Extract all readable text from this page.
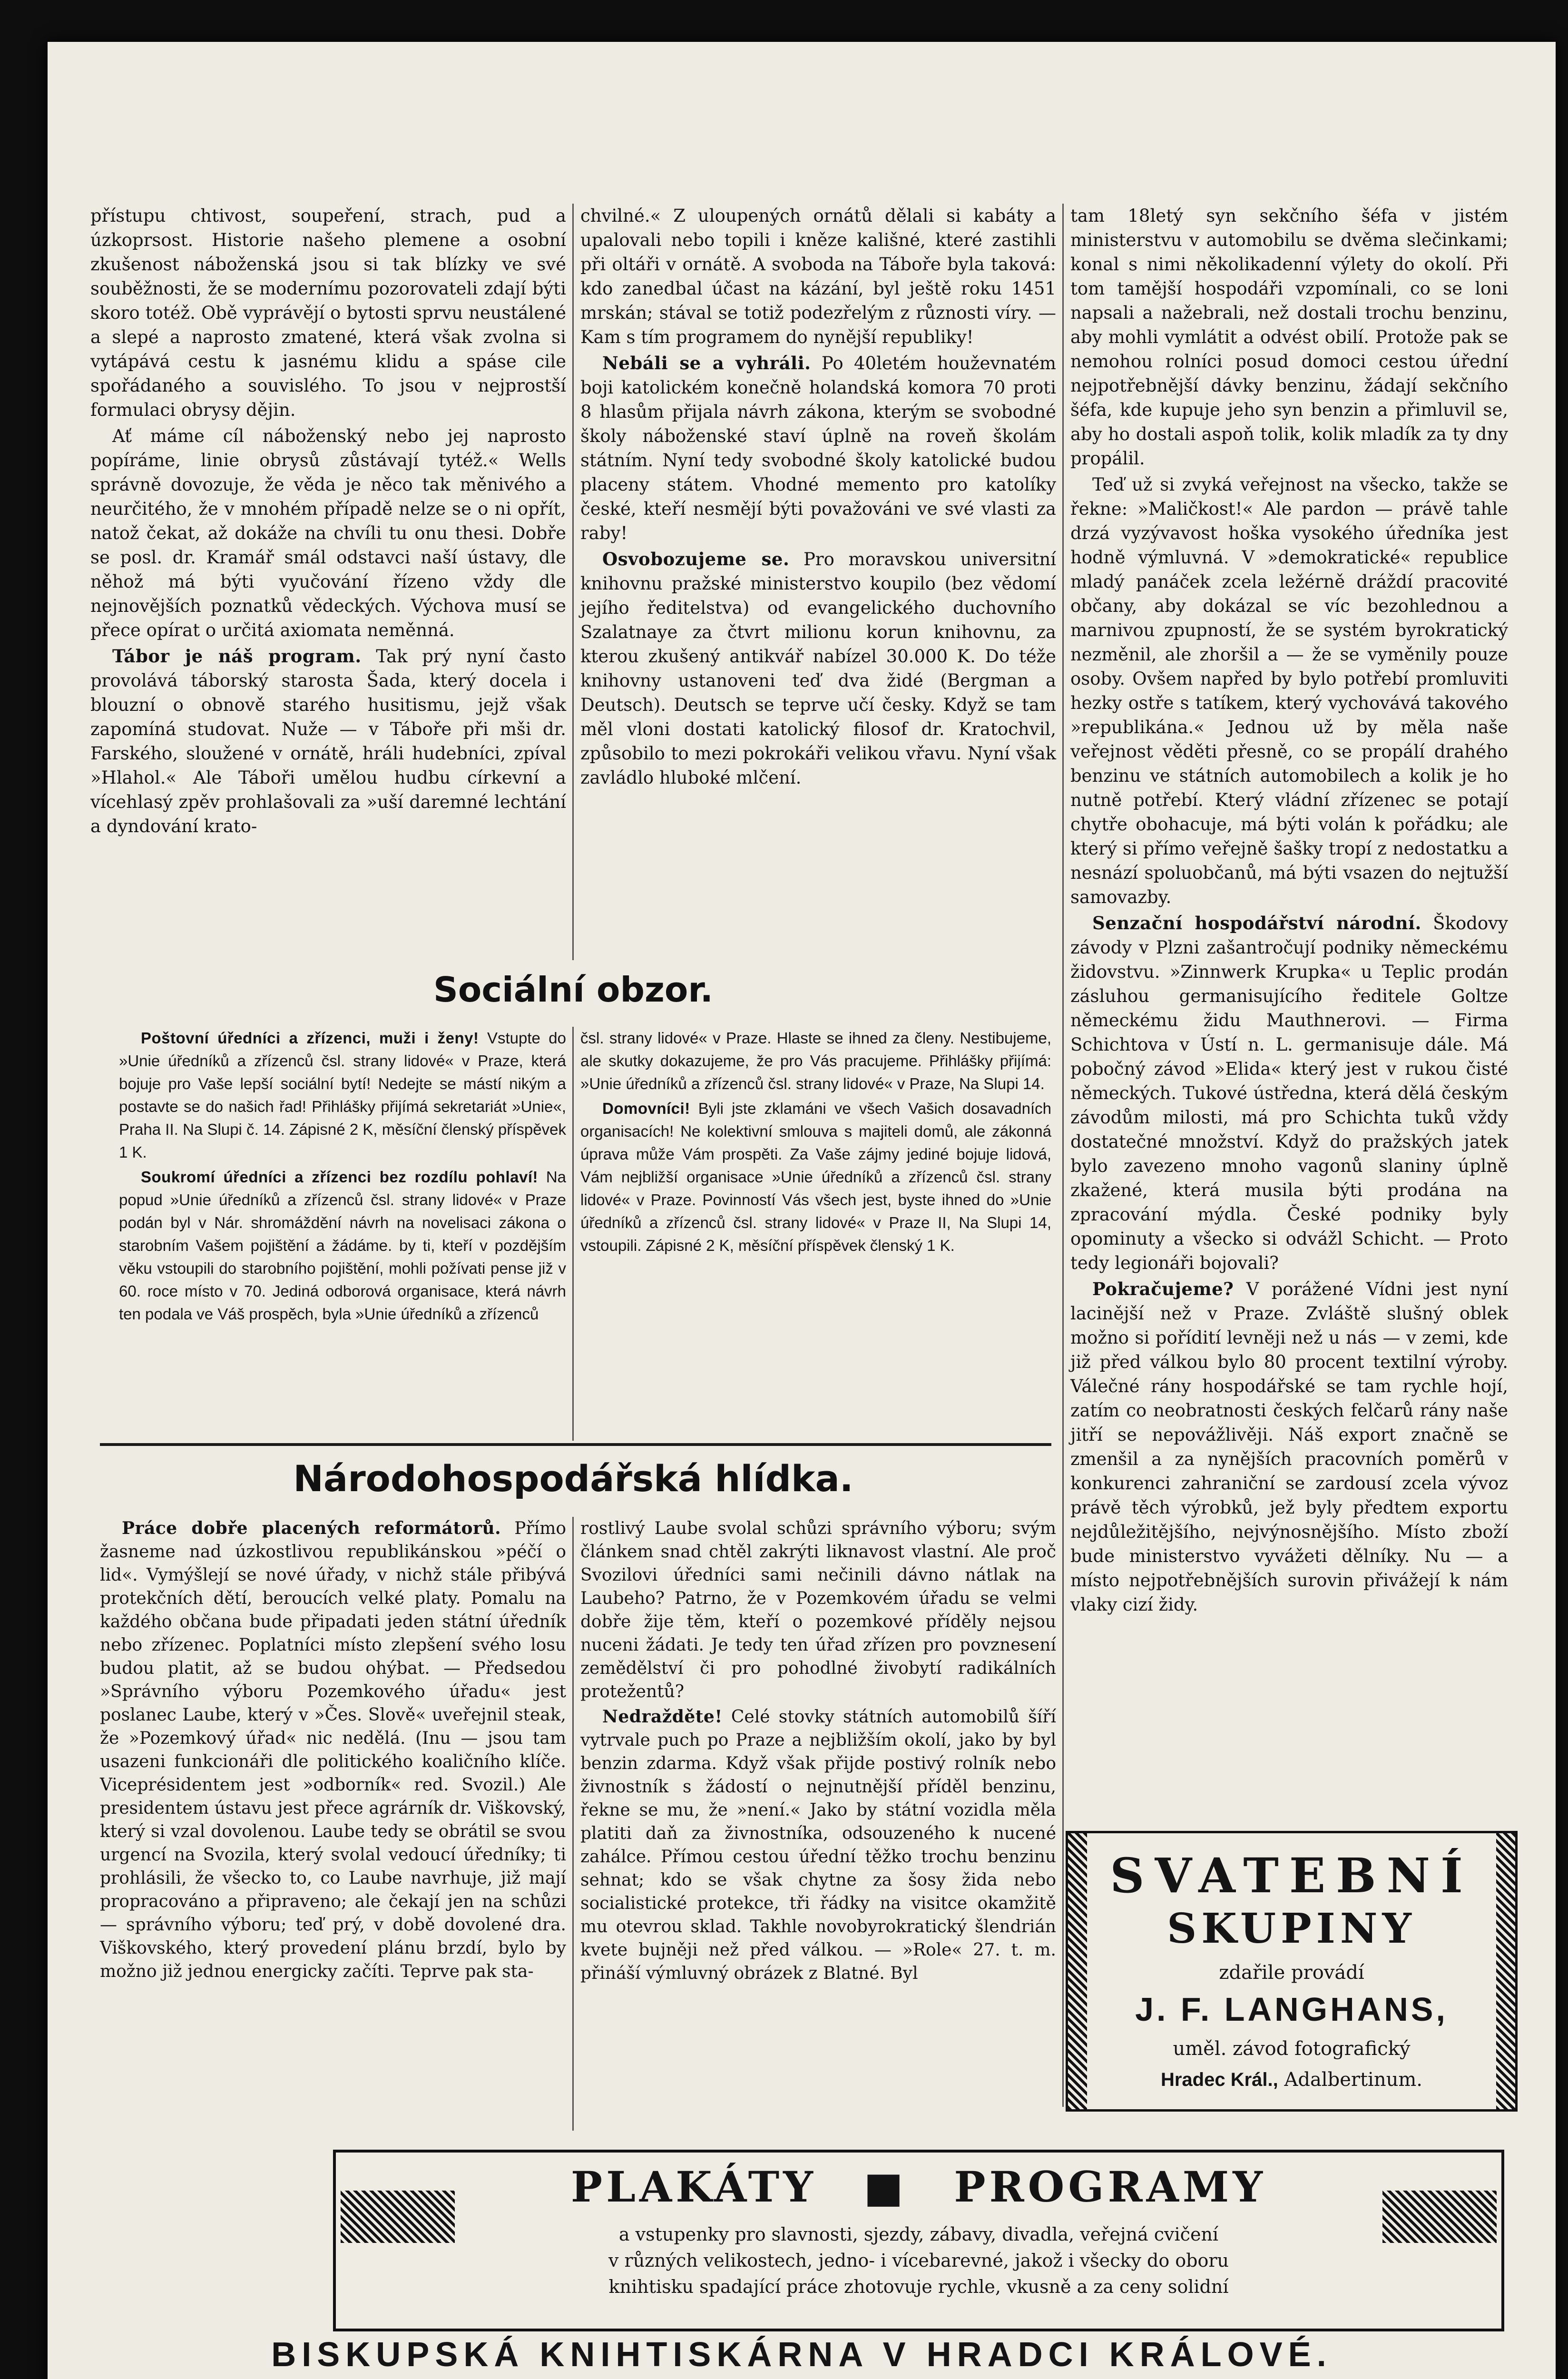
přístupu chtivost, soupeření, strach, pud a úzkoprsost. Historie našeho plemene a osobní zkušenost náboženská jsou si tak blízky ve své souběžnosti, že se modernímu pozorovateli zdají býti skoro totéž. Obě vyprávějí o bytosti sprvu neustálené a slepé a naprosto zmatené, která však zvolna si vytápává cestu k jasnému klidu a spáse cile spořádaného a souvislého. To jsou v nejprostší formulaci obrysy dějin.

Ať máme cíl náboženský nebo jej naprosto popíráme, linie obrysů zůstávají tytéž.« Wells správně dovozuje, že věda je něco tak měnivého a neurčitého, že v mnohém případě nelze se o ni opřít, natož čekat, až dokáže na chvíli tu onu thesi. Dobře se posl. dr. Kramář smál odstavci naší ústavy, dle něhož má býti vyučování řízeno vždy dle nejnovějších poznatků vědeckých. Výchova musí se přece opírat o určitá axiomata neměnná.

Tábor je náš program. Tak prý nyní často provolává táborský starosta Šada, který docela i blouzní o obnově starého husitismu, jejž však zapomíná studovat. Nuže — v Táboře při mši dr. Farského, sloužené v ornátě, hráli hudebníci, zpíval »Hlahol.« Ale Táboři umělou hudbu církevní a vícehlasý zpěv prohlašovali za »uší daremné lechtání a dyndování krato-

chvilné.« Z uloupených ornátů dělali si kabáty a upalovali nebo topili i kněze kališné, které zastihli při oltáři v ornátě. A svoboda na Táboře byla taková: kdo zanedbal účast na kázání, byl ještě roku 1451 mrskán; stával se totiž podezřelým z různosti víry. — Kam s tím programem do nynější republiky!

Nebáli se a vyhráli. Po 40letém houževnatém boji katolickém konečně holandská komora 70 proti 8 hlasům přijala návrh zákona, kterým se svobodné školy náboženské staví úplně na roveň školám státním. Nyní tedy svobodné školy katolické budou placeny státem. Vhodné memento pro katolíky české, kteří nesmějí býti považováni ve své vlasti za raby!

Osvobozujeme se. Pro moravskou universitní knihovnu pražské ministerstvo koupilo (bez vědomí jejího ředitelstva) od evangelického duchovního Szalatnaye za čtvrt milionu korun knihovnu, za kterou zkušený antikvář nabízel 30.000 K. Do téže knihovny ustanoveni teď dva židé (Bergman a Deutsch). Deutsch se teprve učí česky. Když se tam měl vloni dostati katolický filosof dr. Kratochvil, způsobilo to mezi pokrokáři velikou vřavu. Nyní však zavládlo hluboké mlčení.

tam 18letý syn sekčního šéfa v jistém ministerstvu v automobilu se dvěma slečinkami; konal s nimi několikadenní výlety do okolí. Při tom tamější hospodáři vzpomínali, co se loni napsali a nažebrali, než dostali trochu benzinu, aby mohli vymlátit a odvést obilí. Protože pak se nemohou rolníci posud domoci cestou úřední nejpotřebnější dávky benzinu, žádají sekčního šéfa, kde kupuje jeho syn benzin a přimluvil se, aby ho dostali aspoň tolik, kolik mladík za ty dny propálil.

Teď už si zvyká veřejnost na všecko, takže se řekne: »Maličkost!« Ale pardon — právě tahle drzá vyzývavost hoška vysokého úředníka jest hodně výmluvná. V »demokratické« republice mladý panáček zcela ležérně dráždí pracovité občany, aby dokázal se víc bezohlednou a marnivou zpupností, že se systém byrokratický nezměnil, ale zhoršil a — že se vyměnily pouze osoby. Ovšem napřed by bylo potřebí promluviti hezky ostře s tatíkem, který vychovává takového »republikána.« Jednou už by měla naše veřejnost věděti přesně, co se propálí drahého benzinu ve státních automobilech a kolik je ho nutně potřebí. Který vládní zřízenec se potají chytře obohacuje, má býti volán k pořádku; ale který si přímo veřejně šašky tropí z nedostatku a nesnází spoluobčanů, má býti vsazen do nejtužší samovazby.

Senzační hospodářství národní. Škodovy závody v Plzni zašantročují podniky německému židovstvu. »Zinnwerk Krupka« u Teplic prodán zásluhou germanisujícího ředitele Goltze německému židu Mauthnerovi. — Firma Schichtova v Ústí n. L. germanisuje dále. Má pobočný závod »Elida« který jest v rukou čisté německých. Tukové ústředna, která dělá českým závodům milosti, má pro Schichta tuků vždy dostatečné množství. Když do pražských jatek bylo zavezeno mnoho vagonů slaniny úplně zkažené, která musila býti prodána na zpracování mýdla. České podniky byly opominuty a všecko si odvážl Schicht. — Proto tedy legionáři bojovali?

Pokračujeme? V porážené Vídni jest nyní lacinější než v Praze. Zvláště slušný oblek možno si pořídití levněji než u nás — v zemi, kde již před válkou bylo 80 procent textilní výroby. Válečné rány hospodářské se tam rychle hojí, zatím co neobratnosti českých felčarů rány naše jitří se nepovážlivěji. Náš export značně se zmenšil a za nynějších pracovních poměrů v konkurenci zahraniční se zardousí zcela vývoz právě těch výrobků, jež byly předtem exportu nejdůležitějšího, nejvýnosnějšího. Místo zboží bude ministerstvo vyvážeti dělníky. Nu — a místo nejpotřebnějších surovin přivážejí k nám vlaky cizí židy.

Sociální obzor.

Poštovní úředníci a zřízenci, muži i ženy! Vstupte do »Unie úředníků a zřízenců čsl. strany lidové« v Praze, která bojuje pro Vaše lepší sociální bytí! Nedejte se mástí nikým a postavte se do našich řad! Přihlášky přijímá sekretariát »Unie«, Praha II. Na Slupi č. 14. Zápisné 2 K, měsíční členský příspěvek 1 K.

Soukromí úředníci a zřízenci bez rozdílu pohlaví! Na popud »Unie úředníků a zřízenců čsl. strany lidové« v Praze podán byl v Nár. shromáždění návrh na novelisaci zákona o starobním Vašem pojištění a žádáme. by ti, kteří v pozdějším věku vstoupili do starobního pojištění, mohli požívati pense již v 60. roce místo v 70. Jediná odborová organisace, která návrh ten podala ve Váš prospěch, byla »Unie úředníků a zřízenců

čsl. strany lidové« v Praze. Hlaste se ihned za členy. Nestibujeme, ale skutky dokazujeme, že pro Vás pracujeme. Přihlášky přijímá: »Unie úředníků a zřízenců čsl. strany lidové« v Praze, Na Slupi 14.

Domovníci! Byli jste zklamáni ve všech Vašich dosavadních organisacích! Ne kolektivní smlouva s majiteli domů, ale zákonná úprava může Vám prospěti. Za Vaše zájmy jediné bojuje lidová, Vám nejbližší organisace »Unie úředníků a zřízenců čsl. strany lidové« v Praze. Povinností Vás všech jest, byste ihned do »Unie úředníků a zřízenců čsl. strany lidové« v Praze II, Na Slupi 14, vstoupili. Zápisné 2 K, měsíční příspěvek členský 1 K.

Národohospodářská hlídka.

Práce dobře placených reformátorů. Přímo žasneme nad úzkostlivou republikánskou »péčí o lid«. Vymýšlejí se nové úřady, v nichž stále přibývá protekčních dětí, beroucích velké platy. Pomalu na každého občana bude připadati jeden státní úředník nebo zřízenec. Poplatníci místo zlepšení svého losu budou platit, až se budou ohýbat. — Předsedou »Správního výboru Pozemkového úřadu« jest poslanec Laube, který v »Čes. Slově« uveřejnil steak, že »Pozemkový úřad« nic nedělá. (Inu — jsou tam usazeni funkcionáři dle politického koaličního klíče. Viceprésidentem jest »odborník« red. Svozil.) Ale presidentem ústavu jest přece agrárník dr. Viškovský, který si vzal dovolenou. Laube tedy se obrátil se svou urgencí na Svozila, který svolal vedoucí úředníky; ti prohlásili, že všecko to, co Laube navrhuje, již mají propracováno a připraveno; ale čekají jen na schůzi — správního výboru; teď prý, v době dovolené dra. Viškovského, který provedení plánu brzdí, bylo by možno již jednou energicky začíti. Teprve pak sta-

rostlivý Laube svolal schůzi správního výboru; svým článkem snad chtěl zakrýti liknavost vlastní. Ale proč Svozilovi úředníci sami nečinili dávno nátlak na Laubeho? Patrno, že v Pozemkovém úřadu se velmi dobře žije těm, kteří o pozemkové příděly nejsou nuceni žádati. Je tedy ten úřad zřízen pro povznesení zemědělství či pro pohodlné živobytí radikálních protežentů?

Nedražděte! Celé stovky státních automobilů šíří vytrvale puch po Praze a nejbližším okolí, jako by byl benzin zdarma. Když však přijde postivý rolník nebo živnostník s žádostí o nejnutnější příděl benzinu, řekne se mu, že »není.« Jako by státní vozidla měla platiti daň za živnostníka, odsouzeného k nucené zahálce. Přímou cestou úřední těžko trochu benzinu sehnat; kdo se však chytne za šosy žida nebo socialistické protekce, tři řádky na visitce okamžitě mu otevrou sklad. Takhle novobyrokratický šlendrián kvete bujněji než před válkou. — »Role« 27. t. m. přináší výmluvný obrázek z Blatné. Byl

SVATEBNÍ
SKUPINY
zdařile provádí
J. F. LANGHANS,
uměl. závod fotografický
Hradec Král., Adalbertinum.
PLAKÁTY ■ PROGRAMY
a vstupenky pro slavnosti, sjezdy, zábavy, divadla, veřejná cvičení
v různých velikostech, jedno- i vícebarevné, jakož i všecky do oboru
knihtisku spadající práce zhotovuje rychle, vkusně a za ceny solidní
BISKUPSKÁ KNIHTISKÁRNA V HRADCI KRÁLOVÉ.
